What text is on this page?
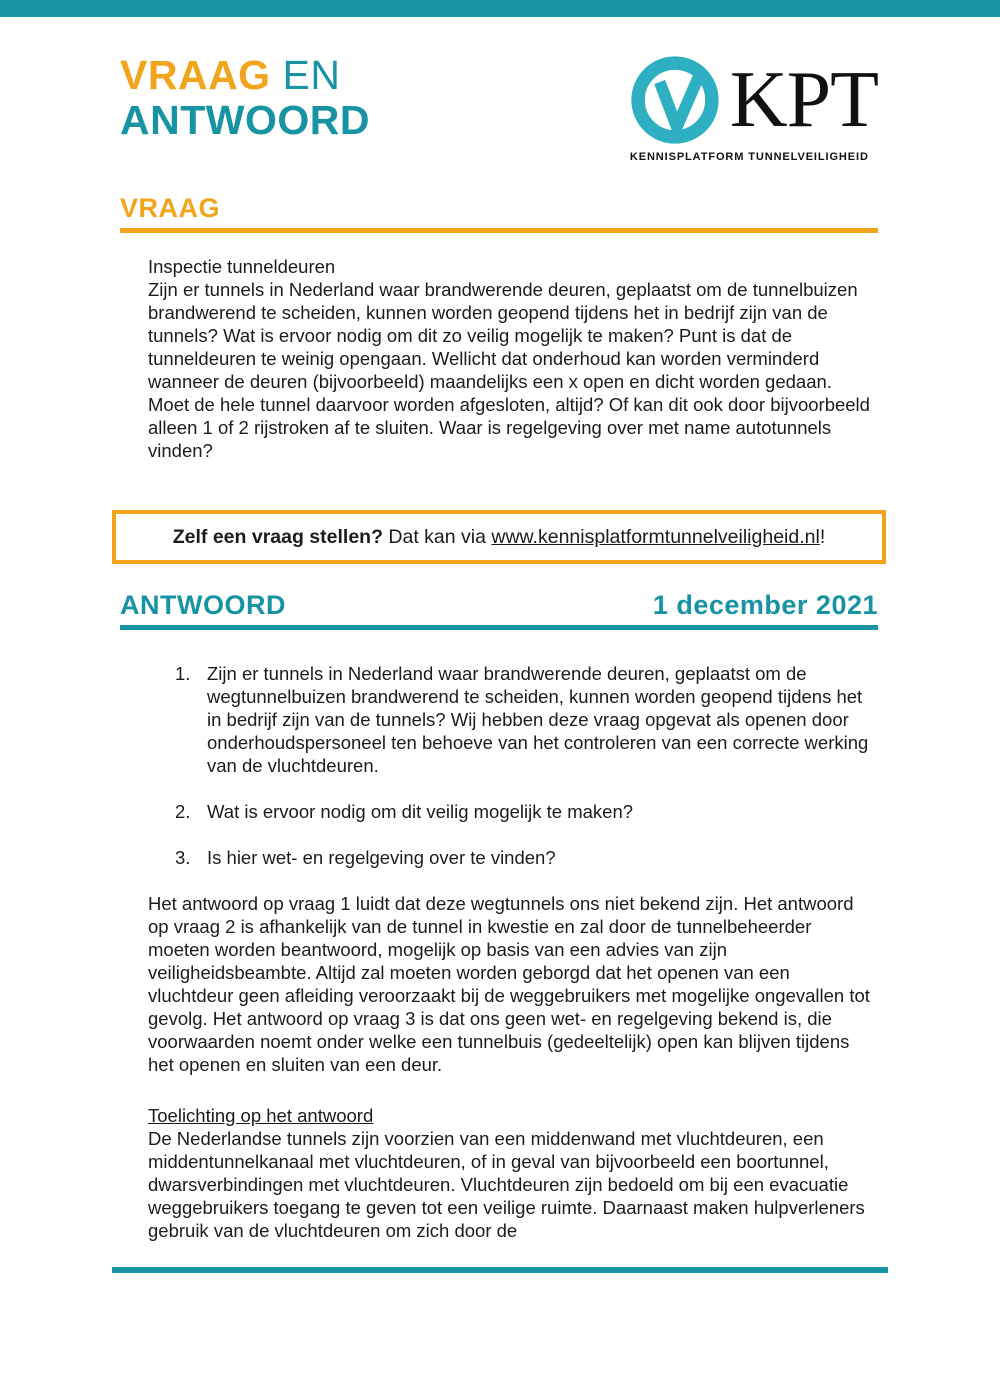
VRAAG EN
ANTWOORD	KPT
KENNISPLATFORM TUNNELVEILIGHEID
VRAAG
Inspectie tunneldeuren
Zijn er tunnels in Nederland waar brandwerende deuren, geplaatst om de tunnelbuizen brandwerend te scheiden, kunnen worden geopend tijdens het in bedrijf zijn van de tunnels? Wat is ervoor nodig om dit zo veilig mogelijk te maken? Punt is dat de tunneldeuren te weinig opengaan. Wellicht dat onderhoud kan worden verminderd wanneer de deuren (bijvoorbeeld) maandelijks een x open en dicht worden gedaan. Moet de hele tunnel daarvoor worden afgesloten, altijd? Of kan dit ook door bijvoorbeeld alleen 1 of 2 rijstroken af te sluiten. Waar is regelgeving over met name autotunnels vinden?
Zelf een vraag stellen? Dat kan via www.kennisplatformtunnelveiligheid.nl!
ANTWOORD	1 december 2021
1. Zijn er tunnels in Nederland waar brandwerende deuren, geplaatst om de wegtunnelbuizen brandwerend te scheiden, kunnen worden geopend tijdens het in bedrijf zijn van de tunnels? Wij hebben deze vraag opgevat als openen door onderhoudspersoneel ten behoeve van het controleren van een correcte werking van de vluchtdeuren.
2. Wat is ervoor nodig om dit veilig mogelijk te maken?
3. Is hier wet- en regelgeving over te vinden?
Het antwoord op vraag 1 luidt dat deze wegtunnels ons niet bekend zijn. Het antwoord op vraag 2 is afhankelijk van de tunnel in kwestie en zal door de tunnelbeheerder moeten worden beantwoord, mogelijk op basis van een advies van zijn veiligheidsbeambte. Altijd zal moeten worden geborgd dat het openen van een vluchtdeur geen afleiding veroorzaakt bij de weggebruikers met mogelijke ongevallen tot gevolg. Het antwoord op vraag 3 is dat ons geen wet- en regelgeving bekend is, die voorwaarden noemt onder welke een tunnelbuis (gedeeltelijk) open kan blijven tijdens het openen en sluiten van een deur.
Toelichting op het antwoord
De Nederlandse tunnels zijn voorzien van een middenwand met vluchtdeuren, een middentunnelkanaal met vluchtdeuren, of in geval van bijvoorbeeld een boortunnel, dwarsverbindingen met vluchtdeuren. Vluchtdeuren zijn bedoeld om bij een evacuatie weggebruikers toegang te geven tot een veilige ruimte. Daarnaast maken hulpverleners gebruik van de vluchtdeuren om zich door de
